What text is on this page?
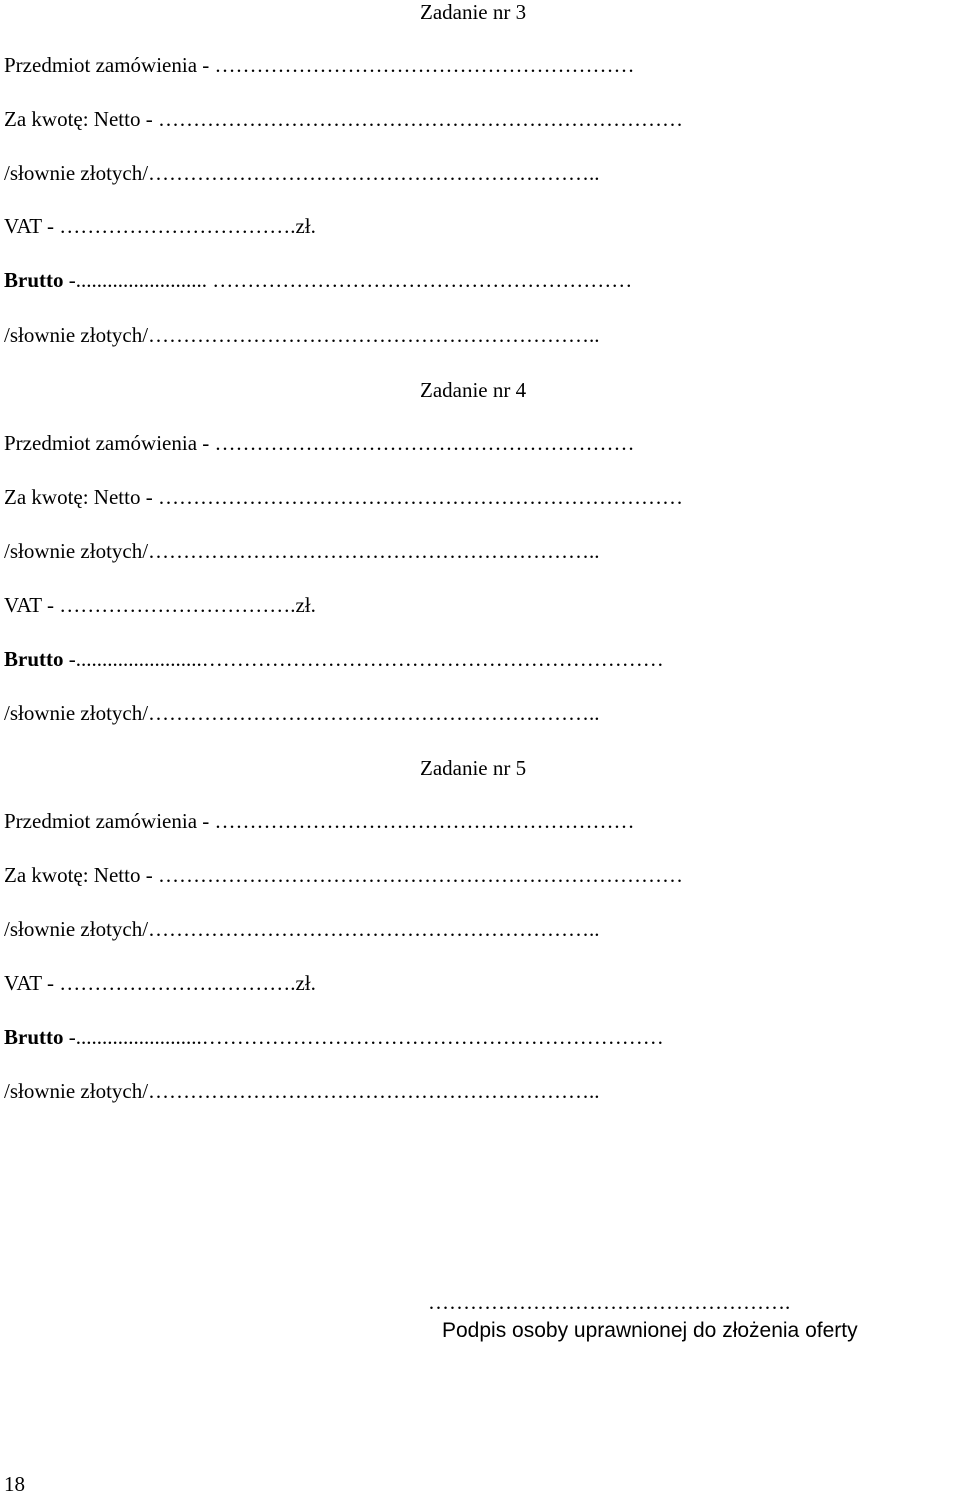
Zadanie nr 3
Przedmiot zamówienia - ……………………………………………………
Za kwotę: Netto - …………………………………………………………………
/słownie złotych/………………………………………………………..
VAT - …………………………….zł.
Brutto -......................... ……………………………………………………
/słownie złotych/………………………………………………………..
Zadanie nr 4
Przedmiot zamówienia - ……………………………………………………
Za kwotę: Netto - …………………………………………………………………
/słownie złotych/………………………………………………………..
VAT - …………………………….zł.
Brutto -........................…………………………………………………………
/słownie złotych/………………………………………………………..
Zadanie nr 5
Przedmiot zamówienia - ……………………………………………………
Za kwotę: Netto - …………………………………………………………………
/słownie złotych/………………………………………………………..
VAT - …………………………….zł.
Brutto -........................…………………………………………………………
/słownie złotych/………………………………………………………..
…………………………………………….
Podpis osoby uprawnionej do złożenia oferty
18
